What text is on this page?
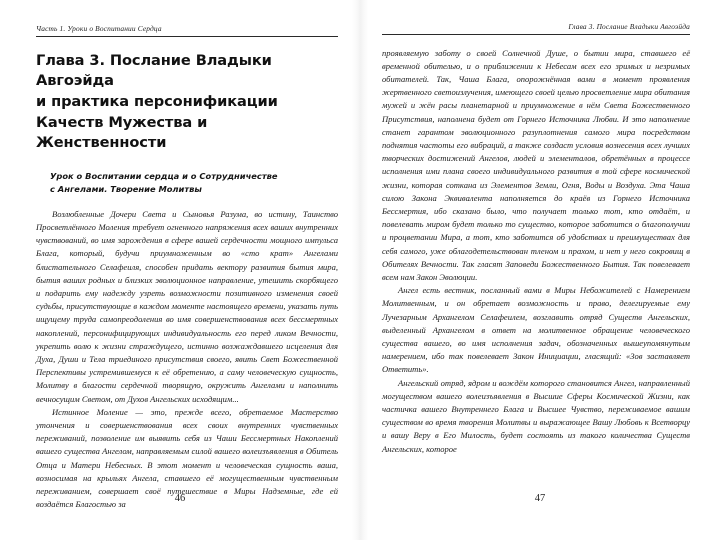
Часть 1. Уроки о Воспитании Сердца
Глава 3. Послание Владыки Авгоэйда
и практика персонификации
Качеств Мужества и Женственности
Урок о Воспитании сердца и о Сотрудничестве
с Ангелами. Творение Молитвы

Возлюбленные Дочери Света и Сыновья Разума, во истину, Таинство Просветлённого Моления требует огненного напряжения всех ваших внутренних чувствований, во имя зарождения в сфере вашей сердечности мощного импульса Блага, который, будучи приумноженным во «сто крат» Ангелами блистательного Селафеиля, способен придать вектору развития бытия мира, бытия ваших родных и близких эволюционное направление, утешить скорбящего и подарить ему надежду узреть возможности позитивного изменения своей судьбы, присутствующие в каждом моменте настоящего времени, указать путь ищущему труда самопреодоления во имя совершенствования всех бессмертных накоплений, персонифицирующих индивидуальность его перед ликом Вечности, укрепить волю к жизни страждущего, истинно возжаждавшего исцеления для Духа, Души и Тела триединого присутствия своего, явить Свет Божественной Перспективы устремившемуся к её обретению, а саму человеческую сущность, Молитву в благости сердечной творящую, окружить Ангелами и наполнить вечносущим Светом, от Духов Ангельских исходящим...

Истинное Моление — это, прежде всего, обретаемое Мастерство утончения и совершенствования всех своих внутренних чувственных переживаний, позволение им выявить себя из Чаши Бессмертных Накоплений вашего существа Ангелом, направляемым силой вашего волеизъявления в Обитель Отца и Матери Небесных. В этот момент и человеческая сущность ваша, возносимая на крыльях Ангела, ставшего её могущественным чувственным переживанием, совершает своё путешествие в Миры Надземные, где ей воздаётся Благостью за

46
Глава 3. Послание Владыки Авгоэйда

проявляемую заботу о своей Солнечной Душе, о бытии мира, ставшего её временной обителью, и о приближении к Небесам всех его зримых и незримых обитателей. Так, Чаша Блага, опорожнённая вами в момент проявления жертвенного светоизлучения, имеющего своей целью просветление мира обитания мужей и жён расы планетарной и приумножение в нём Света Божественного Присутствия, наполнена будет от Горнего Источника Любви. И это наполнение станет гарантом эволюционного разуплотнения самого мира посредством поднятия частоты его вибраций, а также создаст условия вознесения всех лучших творческих достижений Ангелов, людей и элементалов, обретённых в процессе исполнения ими плана своего индивидуального развития в той сфере космической жизни, которая соткана из Элементов Земли, Огня, Воды и Воздуха. Эта Чаша силою Закона Эквивалента наполняется до краёв из Горнего Источника Бессмертия, ибо сказано было, что получает только тот, кто отдаёт, и повелевать миром будет только то существо, которое заботится о благополучии и процветании Мира, а тот, кто заботится об удобствах и преимуществах для себя самого, уже облагодетельствован тленом и прахом, и нет у него сокровищ в Обителях Вечности. Так гласят Заповеди Божественного Бытия. Так повелевает всем нам Закон Эволюции.

Ангел есть вестник, посланный вами в Миры Небожителей с Намерением Молитвенным, и он обретает возможность и право, делегируемые ему Лучезарным Архангелом Селафеилем, возглавить отряд Существ Ангельских, выделенный Архангелом в ответ на молитвенное обращение человеческого существа вашего, во имя исполнения задач, обозначенных вышеупомянутым намерением, ибо так повелевает Закон Инициации, гласящий: «Зов заставляет Ответить».

Ангельский отряд, ядром и вождём которого становится Ангел, направленный могуществом вашего волеизъявления в Высшие Сферы Космической Жизни, как частичка вашего Внутреннего Блага и Высшее Чувство, переживаемое вашим существом во время творения Молитвы и выражающее Вашу Любовь к Всетворцу и вашу Веру в Его Милость, будет состоять из такого количества Существ Ангельских, которое

47
